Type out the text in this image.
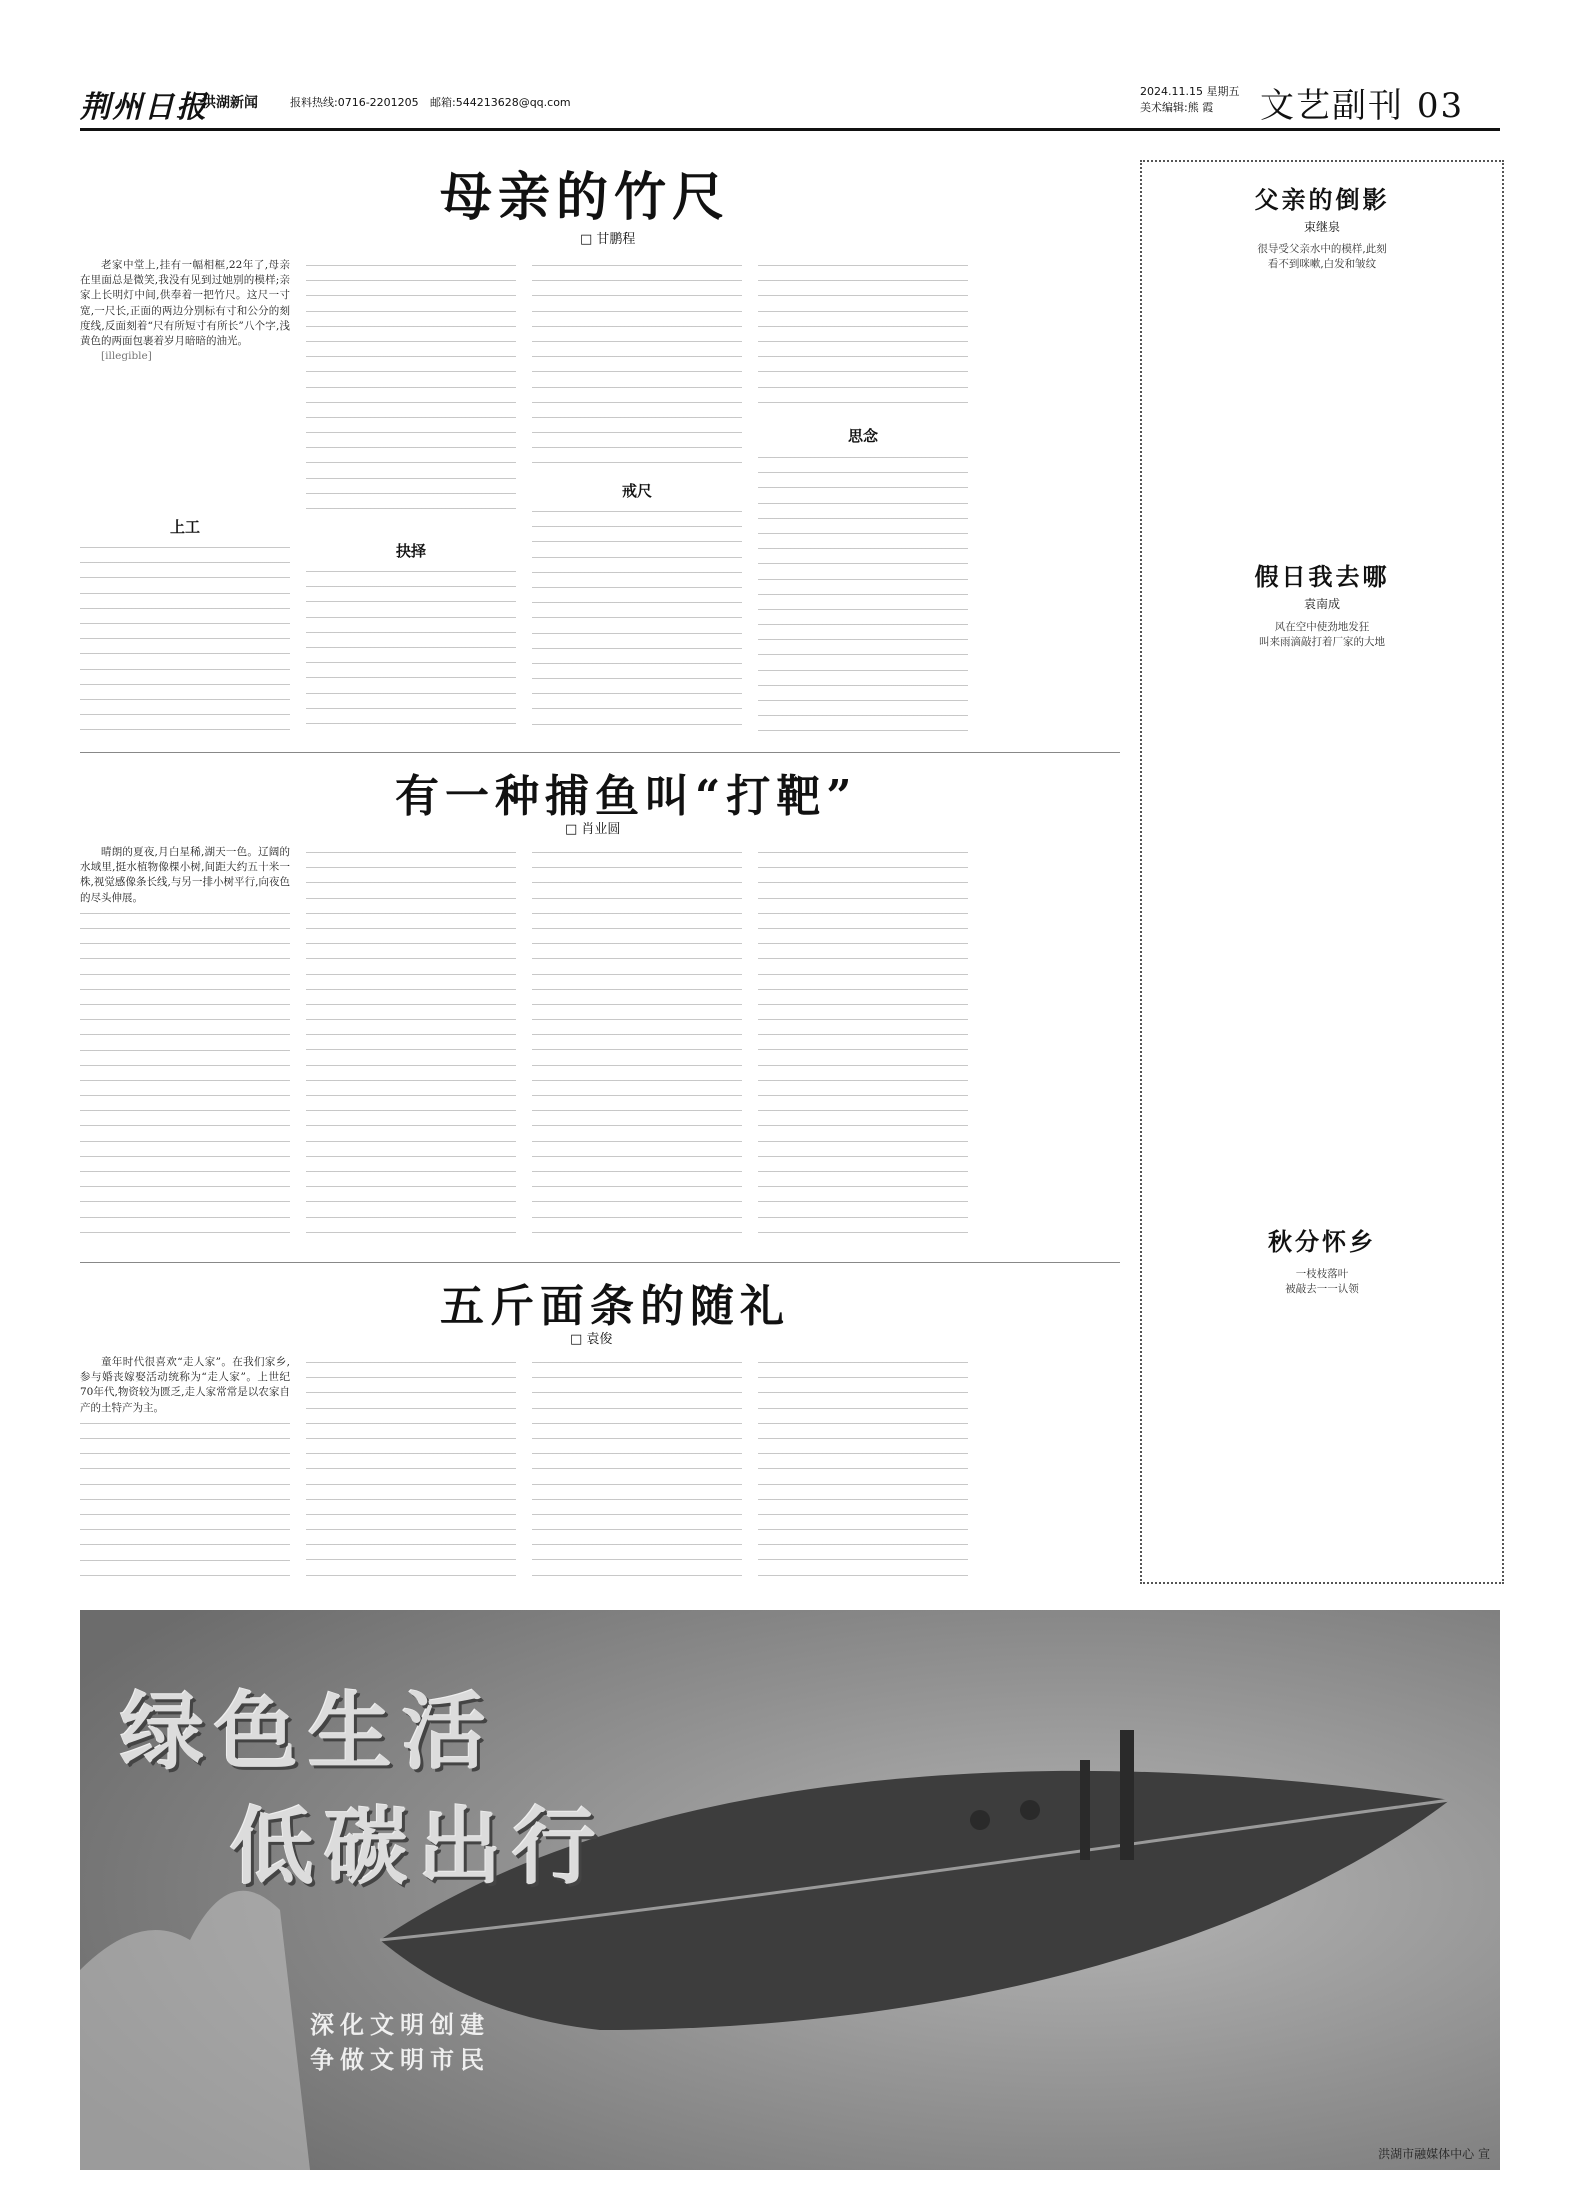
荆州日报
洪湖新闻	报料热线:0716-2201205 邮箱:544213628@qq.com
2024.11.15 星期五
美术编辑:熊 霞	文艺副刊 03
母亲的竹尺
□ 甘鹏程

老家中堂上,挂有一幅相框,22年了,母亲在里面总是微笑,我没有见到过她别的模样;亲家上长明灯中间,供奉着一把竹尺。这尺一寸宽,一尺长,正面的两边分别标有寸和公分的刻度线,反面刻着“尺有所短寸有所长”八个字,浅黄色的两面包裹着岁月暗暗的油光。

[illegible]

上工
抉择
戒尺
思念
有一种捕鱼叫“打靶”
□ 肖业圆

晴朗的夏夜,月白星稀,湖天一色。辽阔的水域里,挺水植物像棵小树,间距大约五十米一株,视觉感像条长线,与另一排小树平行,向夜色的尽头伸展。

五斤面条的随礼
□ 袁俊

童年时代很喜欢“走人家”。在我们家乡,参与婚丧嫁娶活动统称为“走人家”。上世纪70年代,物资较为匮乏,走人家常常是以农家自产的土特产为主。

父亲的倒影
束继泉
很导受父亲水中的模样,此刻
看不到咪嗽,白发和皱纹
假日我去哪
袁南成
风在空中使劲地发狂
叫来雨滴敲打着厂家的大地
秋分怀乡
一枝枝落叶
被敲去一一认领
绿色生活
低碳出行
深化文明创建
争做文明市民
洪湖市融媒体中心 宣
